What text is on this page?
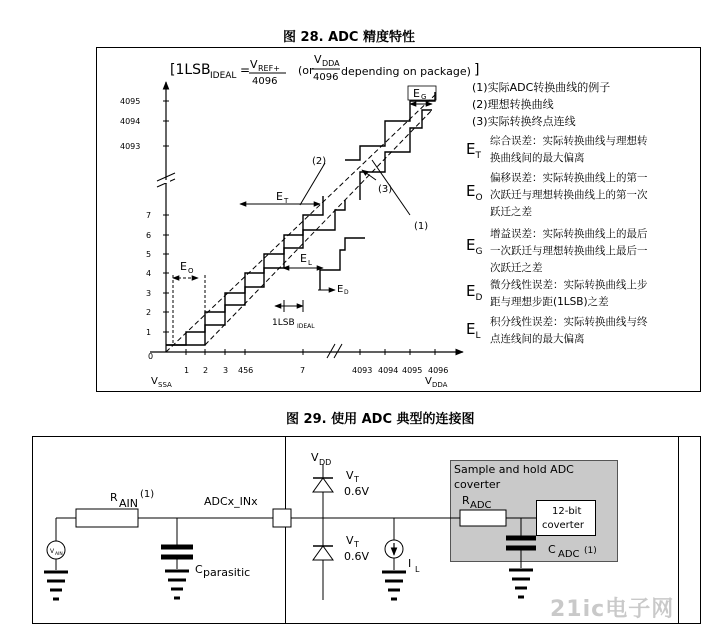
图 28. ADC 精度特性
[1LSB IDEAL = V REF+
4096
(or
V DDA
4096 depending on package) ]
4095
4094
4093
7
6
5
4
3
2
1
0
1 2 3 456	7	4093 4094 4095 4096
V SSA	V DDA
(1)
(2)
(3)
E O
E T
E L
E D
1LSB IDEAL
E G
(1)实际ADC转换曲线的例子
(2)理想转换曲线
(3)实际转换终点连线
$E_T$
综合误差：实际转换曲线与理想转换曲线间的最大偏离
$E_O$
偏移误差：实际转换曲线上的第一次跃迁与理想转换曲线上的第一次跃迁之差
$E_G$
增益误差：实际转换曲线上的最后一次跃迁与理想转换曲线上最后一次跃迁之差
$E_D$
微分线性误差：实际转换曲线上步距与理想步距(1LSB)之差
$E_L$
积分线性误差：实际转换曲线与终点连线间的最大偏离
图 29. 使用 ADC 典型的连接图
V AIN
R AIN
(1)
C parasitic
ADCx_INx
V DD
V T
0.6V
V T
0.6V
I L
Sample and hold ADC
coverter
R ADC
C ADC (1)
12-bit
coverter
21ic电子网
